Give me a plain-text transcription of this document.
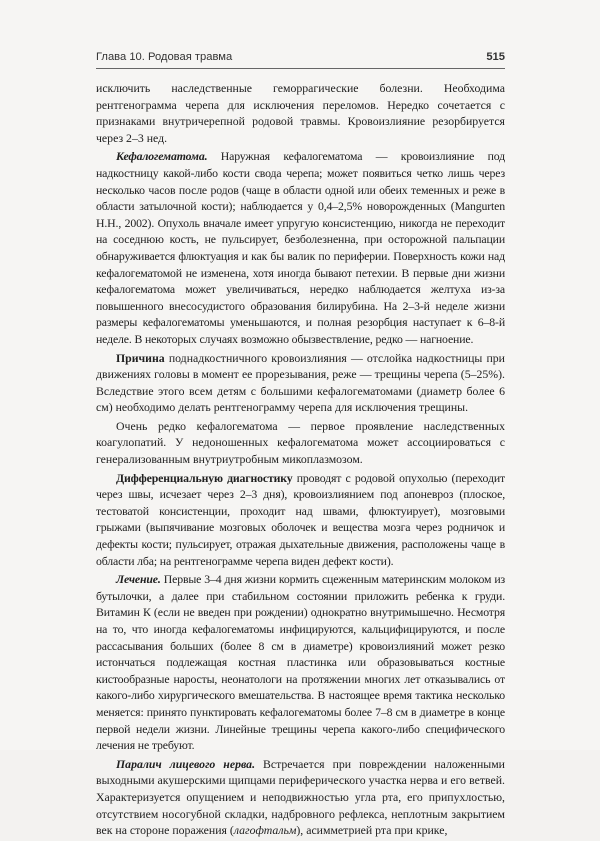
Глава 10. Родовая травма	515

исключить наследственные геморрагические болезни. Необходима рентгенограмма черепа для исключения переломов. Нередко сочетается с признаками внутричерепной родовой травмы. Кровоизлияние резорбируется через 2–3 нед.

Кефалогематома. Наружная кефалогематома — кровоизлияние под надкостницу какой-либо кости свода черепа; может появиться четко лишь через несколько часов после родов (чаще в области одной или обеих теменных и реже в области затылочной кости); наблюдается у 0,4–2,5% новорожденных (Mangurten H.H., 2002). Опухоль вначале имеет упругую консистенцию, никогда не переходит на соседнюю кость, не пульсирует, безболезненна, при осторожной пальпации обнаруживается флюктуация и как бы валик по периферии. Поверхность кожи над кефалогематомой не изменена, хотя иногда бывают петехии. В первые дни жизни кефалогематома может увеличиваться, нередко наблюдается желтуха из-за повышенного внесосудистого образования билирубина. На 2–3-й неделе жизни размеры кефалогематомы уменьшаются, и полная резорбция наступает к 6–8-й неделе. В некоторых случаях возможно обызвествление, редко — нагноение.

Причина поднадкостничного кровоизлияния — отслойка надкостницы при движениях головы в момент ее прорезывания, реже — трещины черепа (5–25%). Вследствие этого всем детям с большими кефалогематомами (диаметр более 6 см) необходимо делать рентгенограмму черепа для исключения трещины.

Очень редко кефалогематома — первое проявление наследственных коагулопатий. У недоношенных кефалогематома может ассоциироваться с генерализованным внутриутробным микоплазмозом.

Дифференциальную диагностику проводят с родовой опухолью (переходит через швы, исчезает через 2–3 дня), кровоизлиянием под апоневроз (плоское, тестоватой консистенции, проходит над швами, флюктуирует), мозговыми грыжами (выпячивание мозговых оболочек и вещества мозга через родничок и дефекты кости; пульсирует, отражая дыхательные движения, расположены чаще в области лба; на рентгенограмме черепа виден дефект кости).

Лечение. Первые 3–4 дня жизни кормить сцеженным материнским молоком из бутылочки, а далее при стабильном состоянии приложить ребенка к груди. Витамин К (если не введен при рождении) однократно внутримышечно. Несмотря на то, что иногда кефалогематомы инфицируются, кальцифицируются, и после рассасывания больших (более 8 см в диаметре) кровоизлияний может резко истончаться подлежащая костная пластинка или образовываться костные кистообразные наросты, неонатологи на протяжении многих лет отказывались от какого-либо хирургического вмешательства. В настоящее время тактика несколько меняется: принято пунктировать кефалогематомы более 7–8 см в диаметре в конце первой недели жизни. Линейные трещины черепа какого-либо специфического лечения не требуют.

Паралич лицевого нерва. Встречается при повреждении наложенными выходными акушерскими щипцами периферического участка нерва и его ветвей. Характеризуется опущением и неподвижностью угла рта, его припухлостью, отсутствием носогубной складки, надбровного рефлекса, неплотным закрытием век на стороне поражения (лагофтальм), асимметрией рта при крике,
